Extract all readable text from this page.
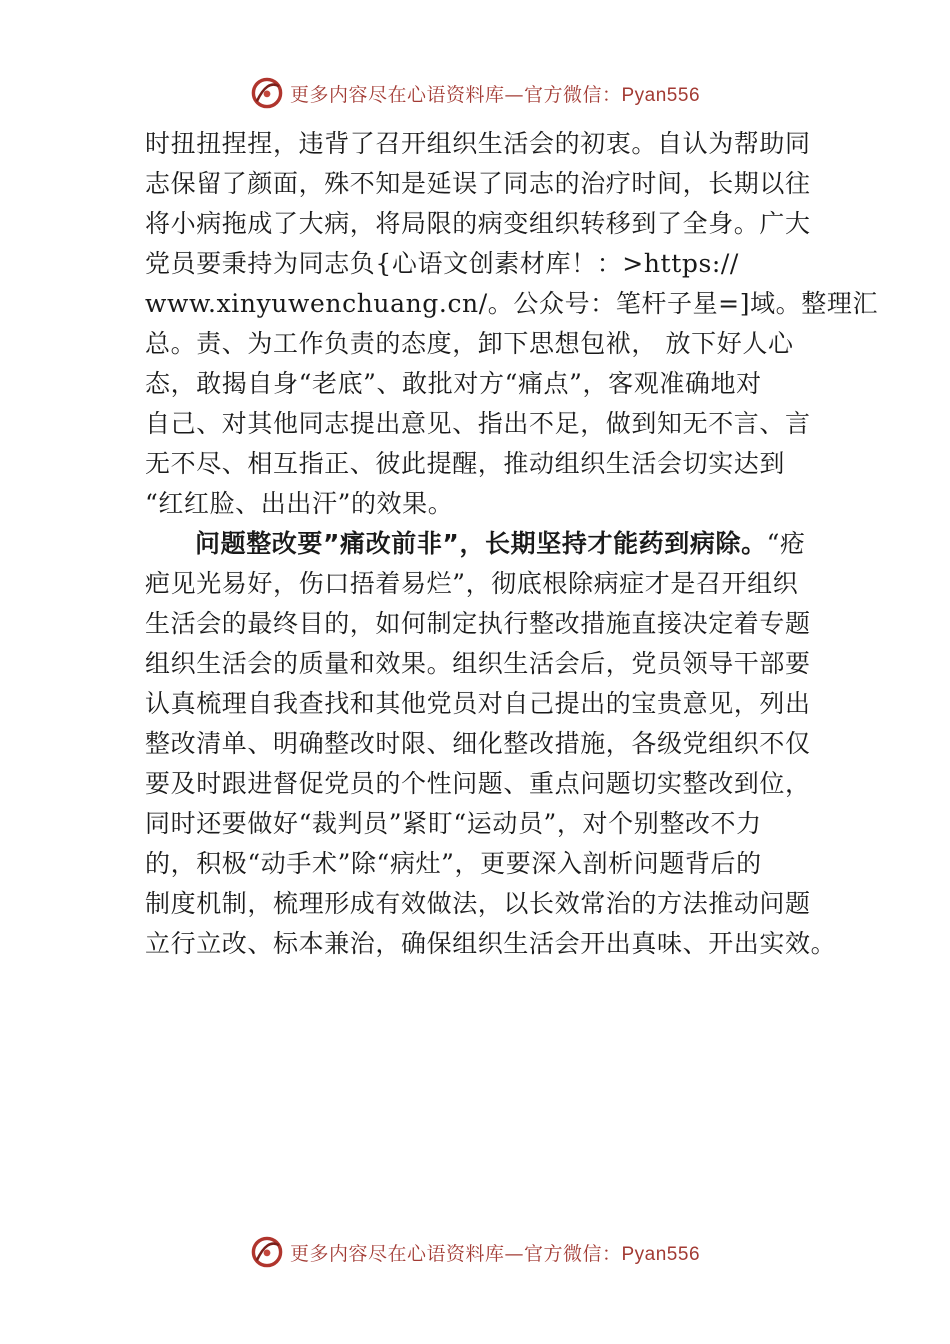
更多内容尽在心语资料库—官方微信：Pyan556
时扭扭捏捏，违背了召开组织生活会的初衷。自认为帮助同
志保留了颜面，殊不知是延误了同志的治疗时间，长期以往
将小病拖成了大病，将局限的病变组织转移到了全身。广大
党员要秉持为同志负{心语文创素材库！：>https://
www.xinyuwenchuang.cn/。公众号：笔杆子星=]域。整理汇
总。责、为工作负责的态度，卸下思想包袱， 放下好人心
态，敢揭自身“老底”、敢批对方“痛点”，客观准确地对
自己、对其他同志提出意见、指出不足，做到知无不言、言
无不尽、相互指正、彼此提醒，推动组织生活会切实达到
“红红脸、出出汗”的效果。
问题整改要”痛改前非”，长期坚持才能药到病除。“疮
疤见光易好，伤口捂着易烂”，彻底根除病症才是召开组织
生活会的最终目的，如何制定执行整改措施直接决定着专题
组织生活会的质量和效果。组织生活会后，党员领导干部要
认真梳理自我查找和其他党员对自己提出的宝贵意见，列出
整改清单、明确整改时限、细化整改措施，各级党组织不仅
要及时跟进督促党员的个性问题、重点问题切实整改到位，
同时还要做好“裁判员”紧盯“运动员”，对个别整改不力
的，积极“动手术”除“病灶”，更要深入剖析问题背后的
制度机制，梳理形成有效做法，以长效常治的方法推动问题
立行立改、标本兼治，确保组织生活会开出真味、开出实效。
更多内容尽在心语资料库—官方微信：Pyan556
